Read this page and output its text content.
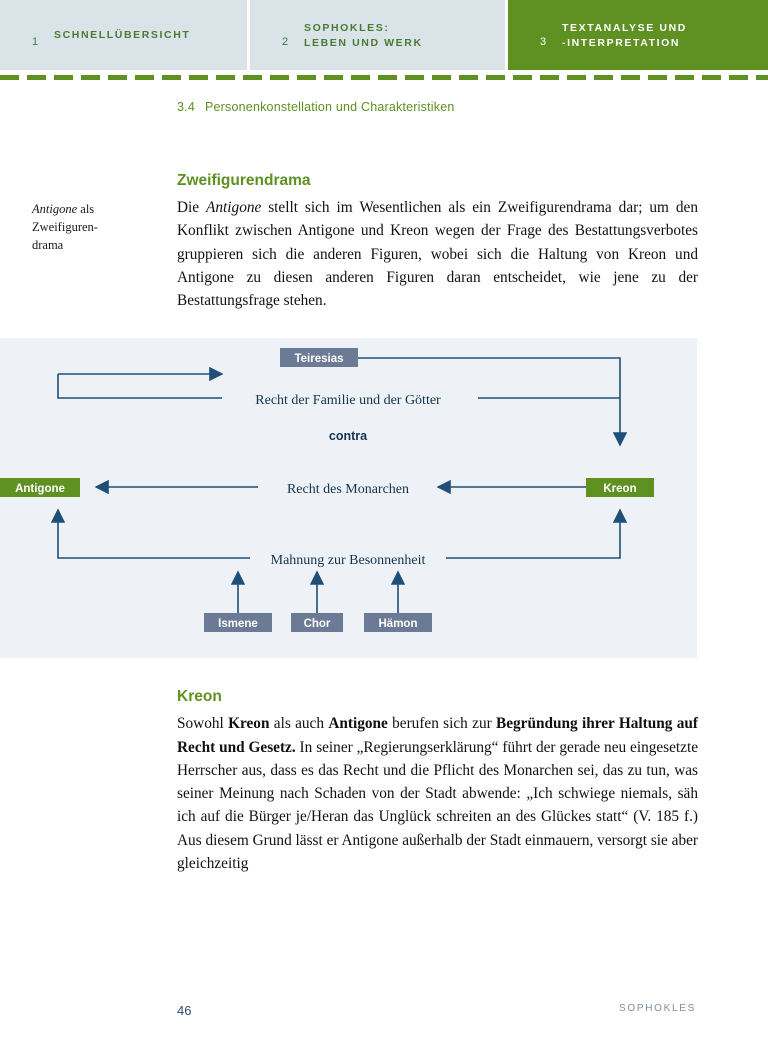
1
SCHNELLÜBERSICHT
2
SOPHOKLES:
LEBEN UND WERK	3
TEXTANALYSE UND
-INTERPRETATION
3.4 Personenkonstellation und Charakteristiken
Antigone als
Zweifiguren-
drama
Zweifigurendrama

Die Antigone stellt sich im Wesentlichen als ein Zweifigurendrama dar; um den Konflikt zwischen Antigone und Kreon wegen der Frage des Bestattungsverbotes gruppieren sich die anderen Figuren, wobei sich die Haltung von Kreon und Antigone zu diesen anderen Figuren daran entscheidet, wie jene zu der Bestattungsfrage stehen.

Teiresias
Recht der Familie und der Götter
contra
Antigone	Kreon
Recht des Monarchen
Mahnung zur Besonnenheit
Ismene	Chor	Hämon
Kreon

Sowohl Kreon als auch Antigone berufen sich zur Begründung ihrer Haltung auf Recht und Gesetz. In seiner „Regierungserklärung“ führt der gerade neu eingesetzte Herrscher aus, dass es das Recht und die Pflicht des Monarchen sei, das zu tun, was seiner Meinung nach Schaden von der Stadt abwende: „Ich schwiege niemals, säh ich auf die Bürger je/Heran das Unglück schreiten an des Glückes statt“ (V. 185 f.) Aus diesem Grund lässt er Antigone außerhalb der Stadt einmauern, versorgt sie aber gleichzeitig

46	SOPHOKLES
